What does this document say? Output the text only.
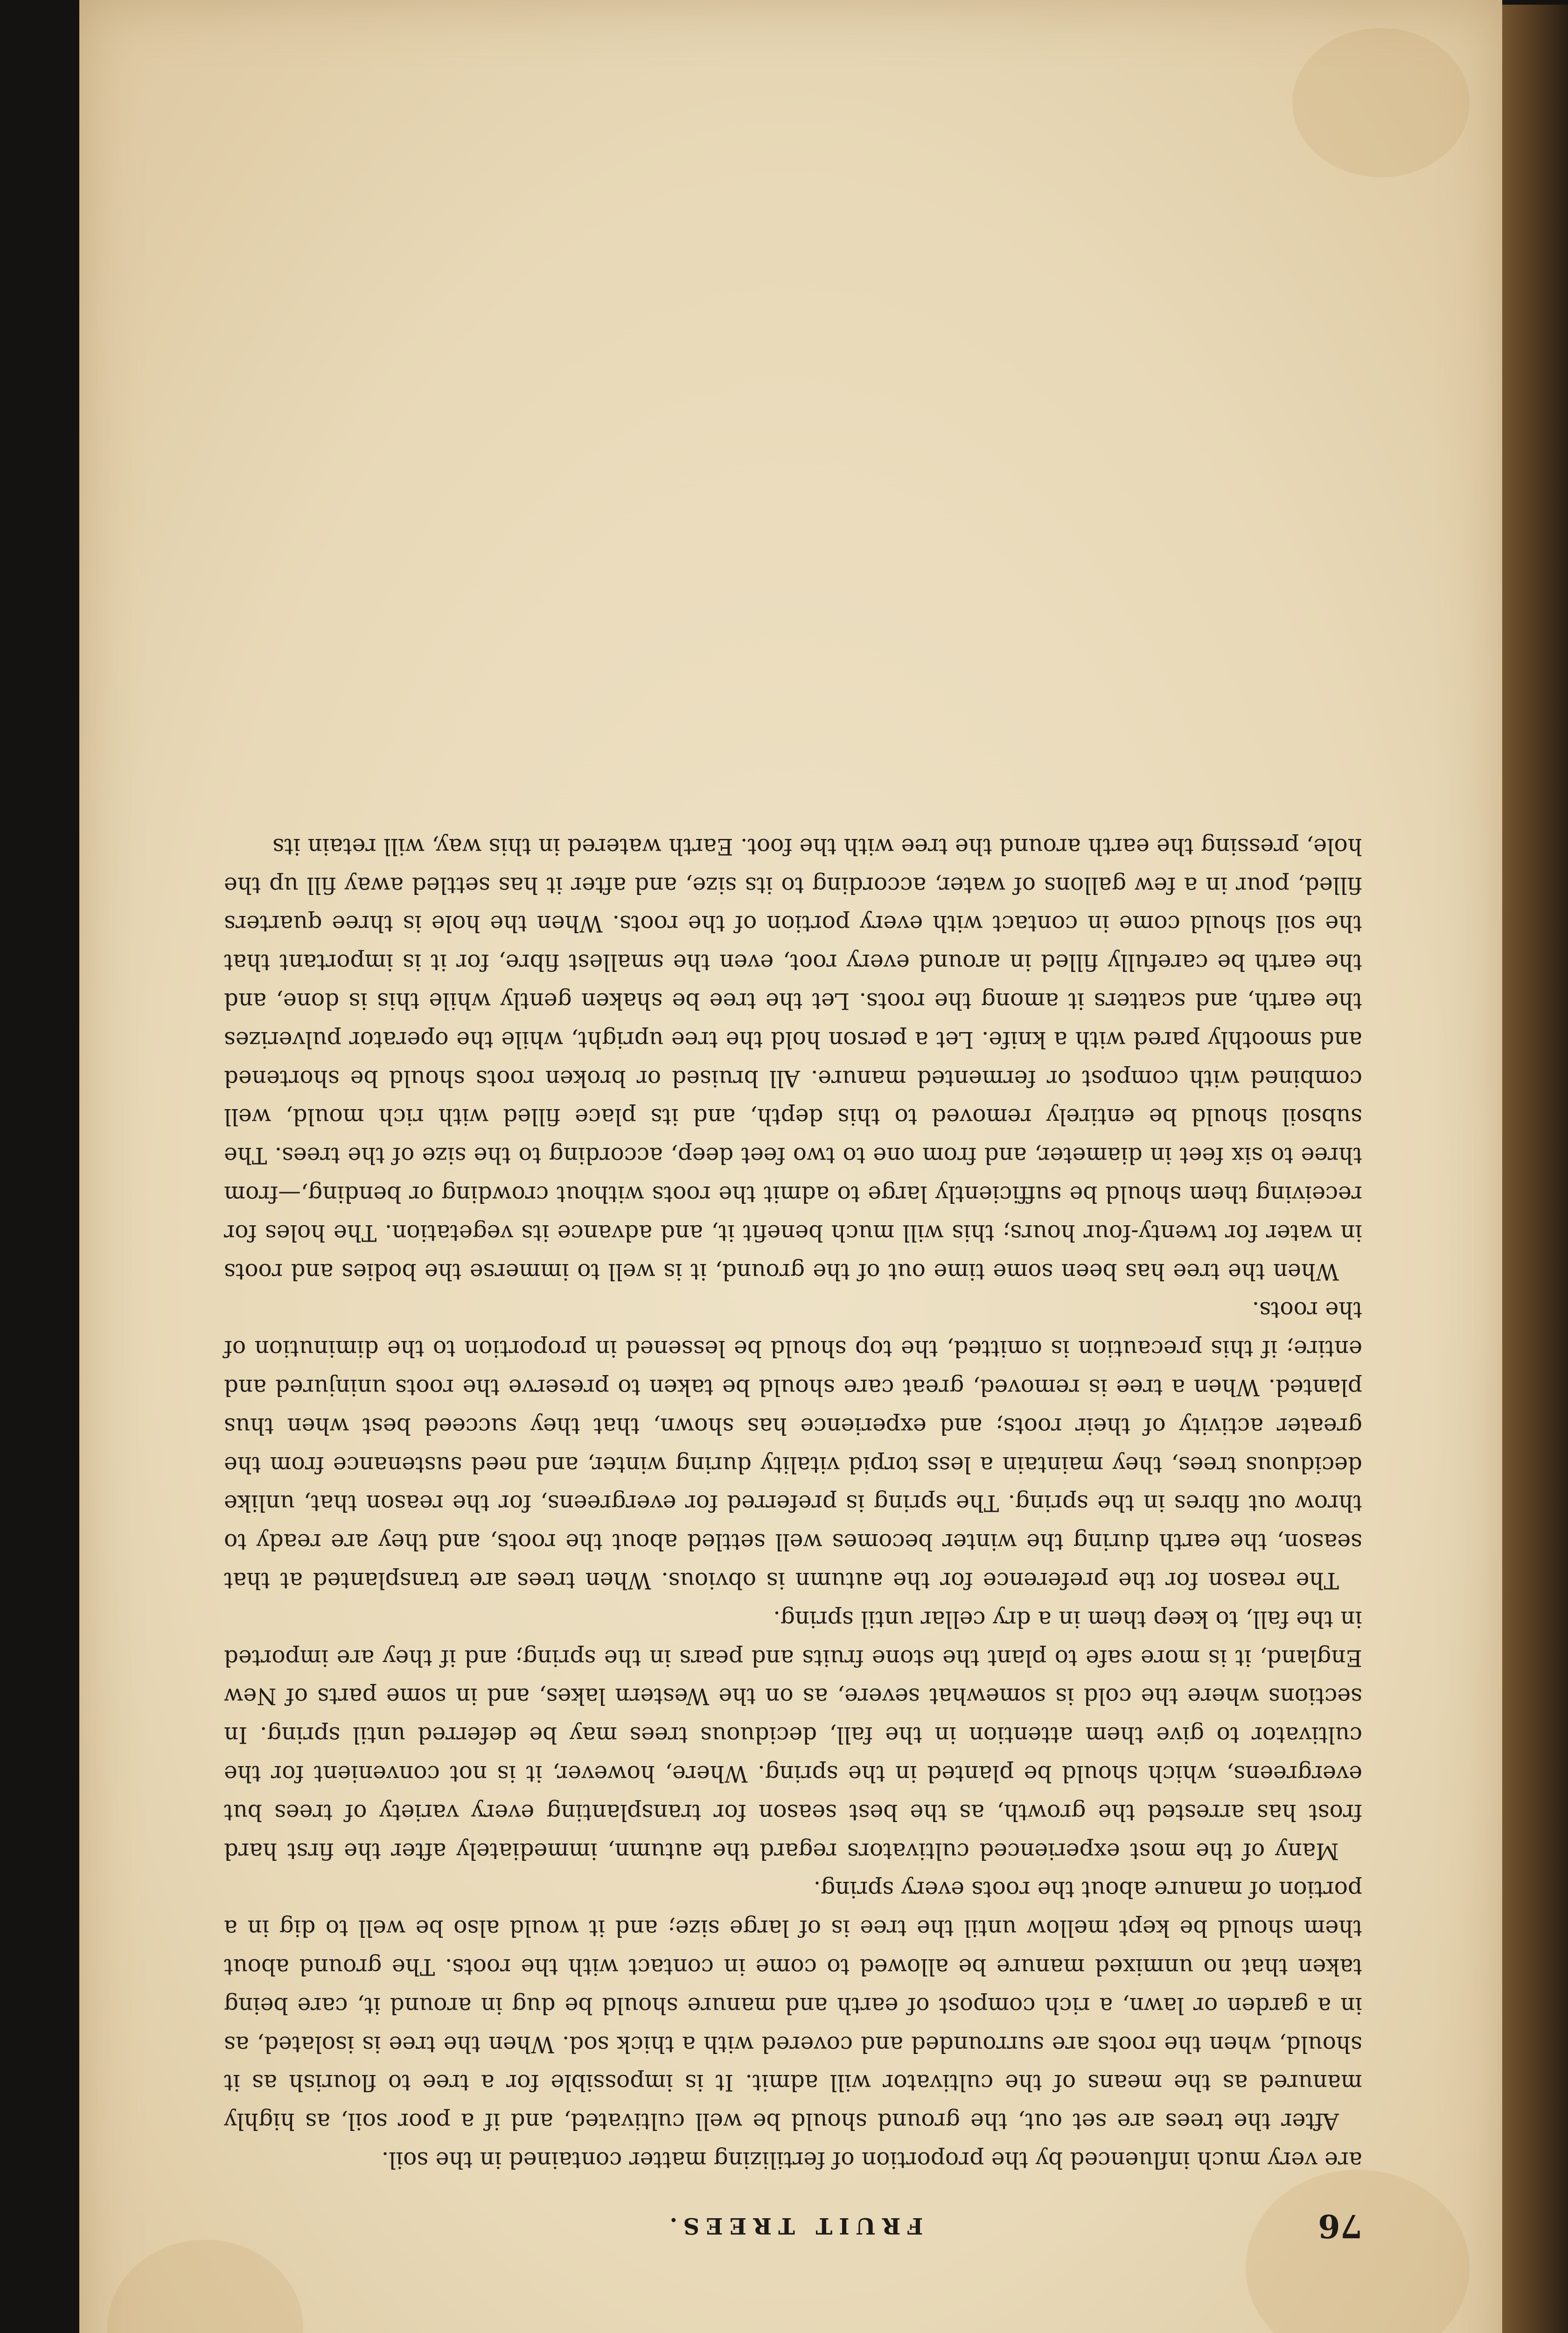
76
FRUIT TREES.

are very much influenced by the proportion of fertilizing matter contained in the soil.

After the trees are set out, the ground should be well cultivated, and if a poor soil, as highly manured as the means of the cultivator will admit. It is impossible for a tree to flourish as it should, when the roots are surrounded and covered with a thick sod. When the tree is isolated, as in a garden or lawn, a rich compost of earth and manure should be dug in around it, care being taken that no unmixed manure be allowed to come in contact with the roots. The ground about them should be kept mellow until the tree is of large size; and it would also be well to dig in a portion of manure about the roots every spring.

Many of the most experienced cultivators regard the autumn, immediately after the first hard frost has arrested the growth, as the best season for transplanting every variety of trees but evergreens, which should be planted in the spring. Where, however, it is not convenient for the cultivator to give them attention in the fall, deciduous trees may be deferred until spring. In sections where the cold is somewhat severe, as on the Western lakes, and in some parts of New England, it is more safe to plant the stone fruits and pears in the spring; and if they are imported in the fall, to keep them in a dry cellar until spring.

The reason for the preference for the autumn is obvious. When trees are transplanted at that season, the earth during the winter becomes well settled about the roots, and they are ready to throw out fibres in the spring. The spring is preferred for evergreens, for the reason that, unlike deciduous trees, they maintain a less torpid vitality during winter, and need sustenance from the greater activity of their roots; and experience has shown, that they succeed best when thus planted. When a tree is removed, great care should be taken to preserve the roots uninjured and entire; if this precaution is omitted, the top should be lessened in proportion to the diminution of the roots.

When the tree has been some time out of the ground, it is well to immerse the bodies and roots in water for twenty-four hours; this will much benefit it, and advance its vegetation. The holes for receiving them should be sufficiently large to admit the roots without crowding or bending,—from three to six feet in diameter, and from one to two feet deep, according to the size of the trees. The subsoil should be entirely removed to this depth, and its place filled with rich mould, well combined with compost or fermented manure. All bruised or broken roots should be shortened and smoothly pared with a knife. Let a person hold the tree upright, while the operator pulverizes the earth, and scatters it among the roots. Let the tree be shaken gently while this is done, and the earth be carefully filled in around every root, even the smallest fibre, for it is important that the soil should come in contact with every portion of the roots. When the hole is three quarters filled, pour in a few gallons of water, according to its size, and after it has settled away fill up the hole, pressing the earth around the tree with the foot. Earth watered in this way, will retain its
